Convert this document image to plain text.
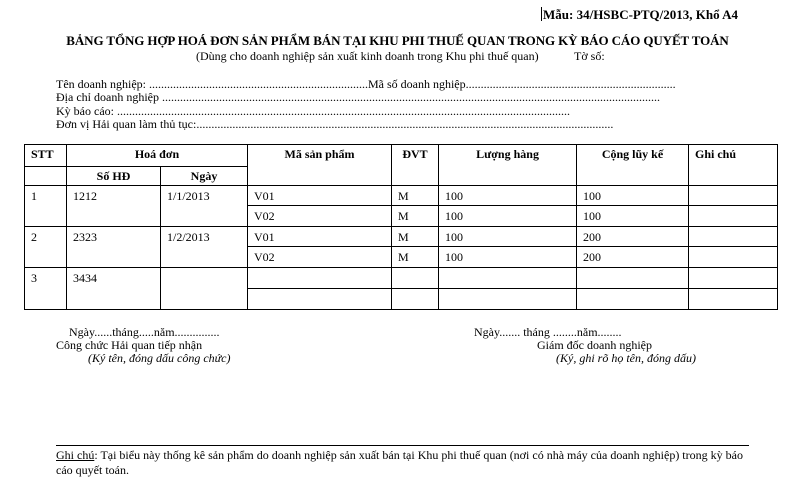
Mẫu: 34/HSBC-PTQ/2013, Khổ A4
BẢNG TỔNG HỢP HOÁ ĐƠN SẢN PHẨM BÁN TẠI KHU PHI THUẾ QUAN TRONG KỲ BÁO CÁO QUYẾT TOÁN
(Dùng cho doanh nghiệp sản xuất kinh doanh trong Khu phi thuế quan)	Tờ số:
Tên doanh nghiệp: .........................................................................Mã số doanh nghiệp......................................................................
Địa chỉ doanh nghiệp ......................................................................................................................................................................
Kỳ báo cáo: .......................................................................................................................................................
Đơn vị Hải quan làm thủ tục:...........................................................................................................................................
STT	Hoá đơn		Mã sản phẩm	ĐVT	Lượng hàng	Cộng lũy kế	Ghi chú
	Số HĐ	Ngày					
1	1212	1/1/2013	V01	M	100	100	
			V02	M	100	100	
2	2323	1/2/2013	V01	M	100	200	
			V02	M	100	200	
3	3434						

Ngày......tháng.....năm...............
Công chức Hải quan tiếp nhận
(Ký tên, đóng dấu công chức)
Ngày....... tháng ........năm........
Giám đốc doanh nghiệp
(Ký, ghi rõ họ tên, đóng dấu)
Ghi chú: Tại biểu này thống kê sản phẩm do doanh nghiệp sản xuất bán tại Khu phi thuế quan (nơi có nhà máy của doanh nghiệp) trong kỳ báo cáo quyết toán.
